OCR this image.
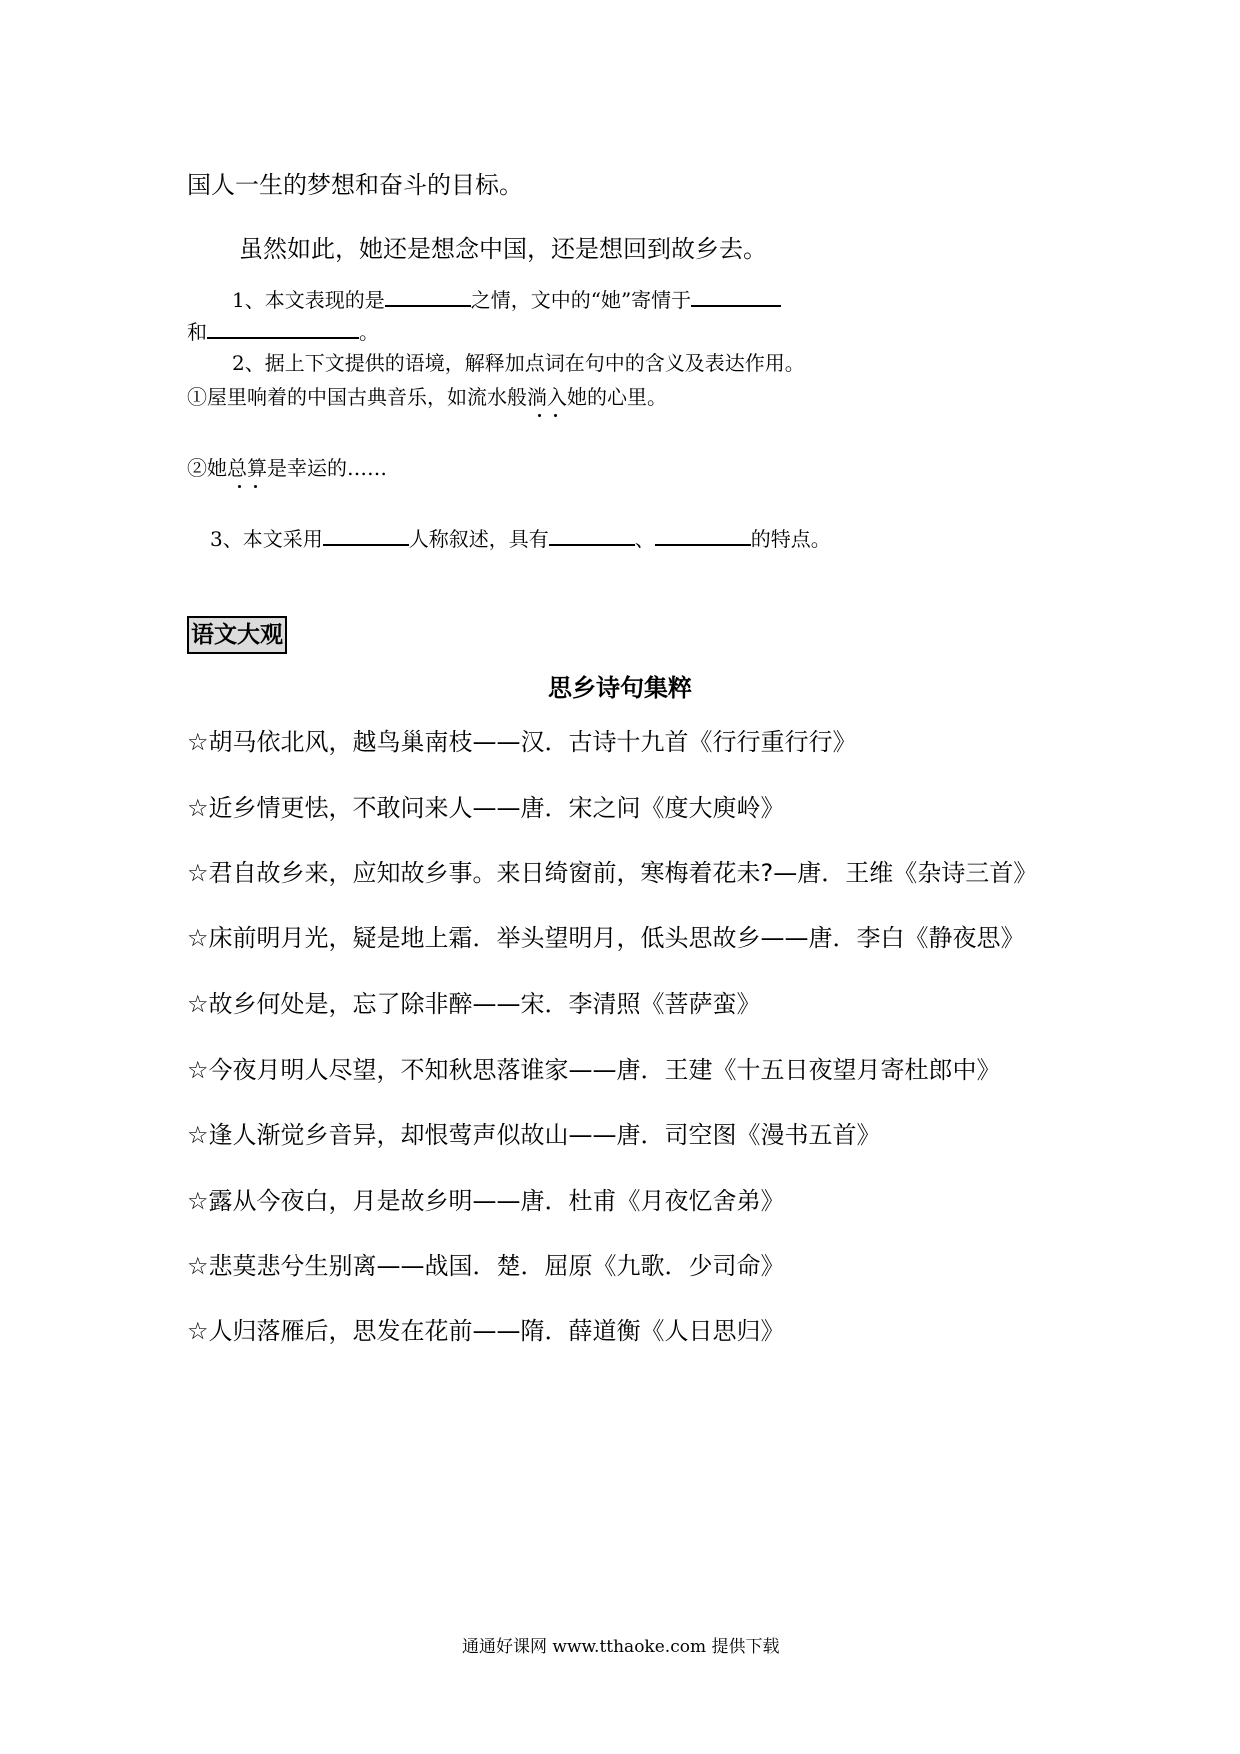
国人一生的梦想和奋斗的目标。
虽然如此，她还是想念中国，还是想回到故乡去。
1、本文表现的是	之情，文中的“她”寄情于
和	。
2、据上下文提供的语境，解释加点词在句中的含义及表达作用。
①屋里响着的中国古典音乐，如流水般淌入
她的心里。
②她总算
是幸运的……
3、本文采用	人称叙述，具有	、	的特点。
语文大观
思乡诗句集粹
☆胡马依北风，越鸟巢南枝——汉．古诗十九首《行行重行行》
☆近乡情更怯，不敢问来人——唐．宋之问《度大庾岭》
☆君自故乡来，应知故乡事。来日绮窗前，寒梅着花未?—唐．王维《杂诗三首》
☆床前明月光，疑是地上霜．举头望明月，低头思故乡——唐．李白《静夜思》
☆故乡何处是，忘了除非醉——宋．李清照《菩萨蛮》
☆今夜月明人尽望，不知秋思落谁家——唐．王建《十五日夜望月寄杜郎中》
☆逢人渐觉乡音异，却恨莺声似故山——唐．司空图《漫书五首》
☆露从今夜白，月是故乡明——唐．杜甫《月夜忆舍弟》
☆悲莫悲兮生别离——战国．楚．屈原《九歌．少司命》
☆人归落雁后，思发在花前——隋．薛道衡《人日思归》
通通好课网 www.tthaoke.com 提供下载
